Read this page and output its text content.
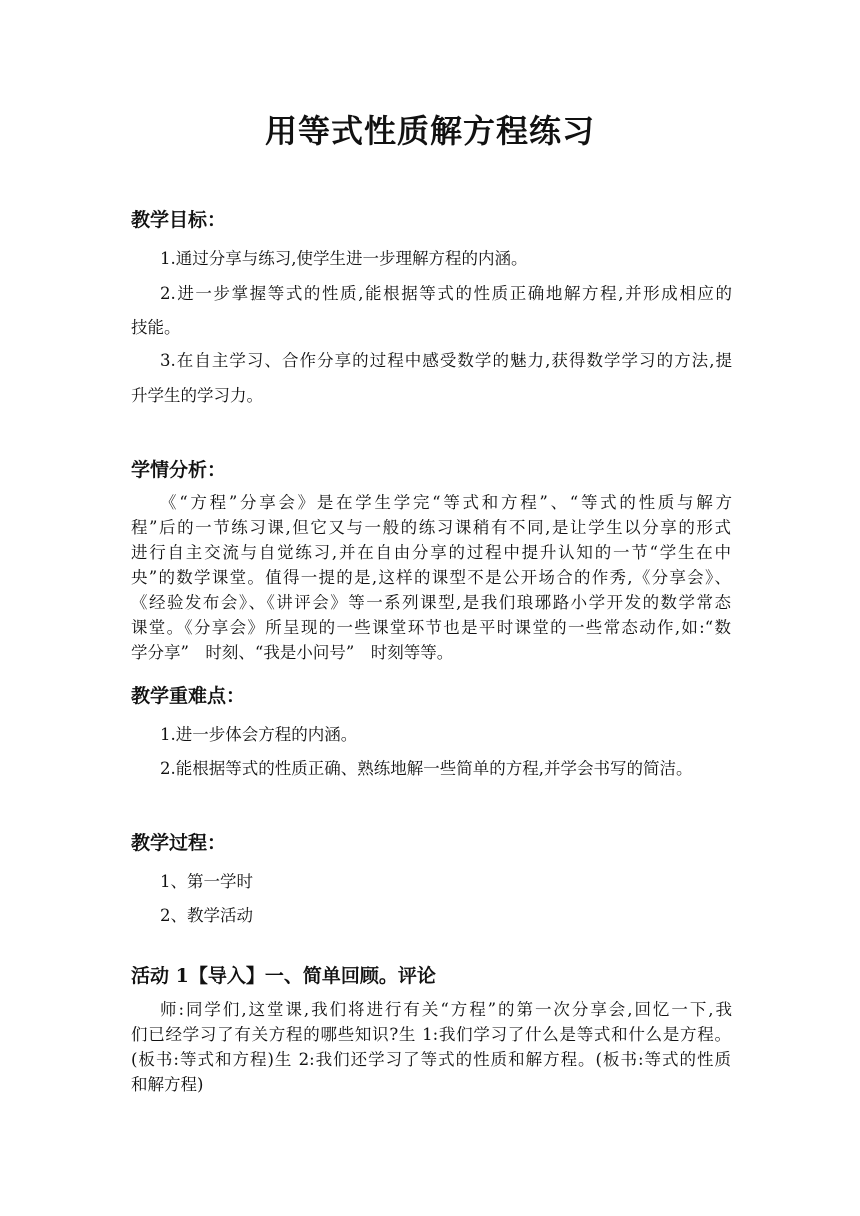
用等式性质解方程练习
教学目标：
1.通过分享与练习,使学生进一步理解方程的内涵。
2.进一步掌握等式的性质,能根据等式的性质正确地解方程,并形成相应的
技能。
3.在自主学习、合作分享的过程中感受数学的魅力,获得数学学习的方法,提
升学生的学习力。
学情分析：
《“方程”分享会》是在学生学完“等式和方程”、“等式的性质与解方
程”后的一节练习课,但它又与一般的练习课稍有不同,是让学生以分享的形式
进行自主交流与自觉练习,并在自由分享的过程中提升认知的一节“学生在中
央”的数学课堂。值得一提的是,这样的课型不是公开场合的作秀,《分享会》、
《经验发布会》、《讲评会》等一系列课型,是我们琅琊路小学开发的数学常态
课堂。《分享会》所呈现的一些课堂环节也是平时课堂的一些常态动作,如:“数
学分享”　时刻、“我是小问号”　时刻等等。
教学重难点：
1.进一步体会方程的内涵。
2.能根据等式的性质正确、熟练地解一些简单的方程,并学会书写的简洁。
教学过程：
1、第一学时
2、教学活动
活动 1【导入】一、简单回顾。评论
师:同学们,这堂课,我们将进行有关“方程”的第一次分享会,回忆一下,我
们已经学习了有关方程的哪些知识?生 1:我们学习了什么是等式和什么是方程。
(板书:等式和方程)生 2:我们还学习了等式的性质和解方程。(板书:等式的性质
和解方程)
